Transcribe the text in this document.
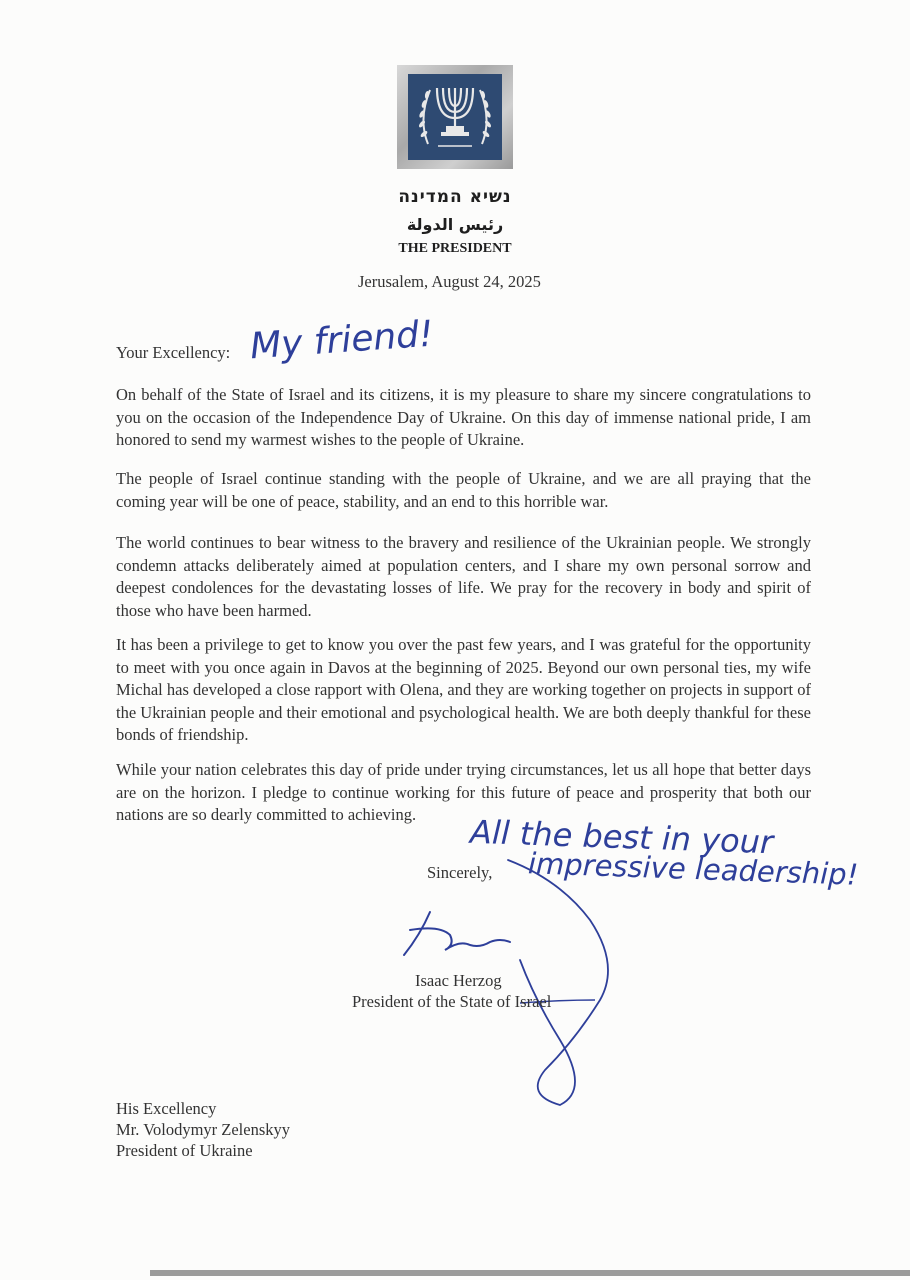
נשיא המדינה
رئيس الدولة
THE PRESIDENT
Jerusalem, August 24, 2025
Your Excellency: My friend!

On behalf of the State of Israel and its citizens, it is my pleasure to share my sincere congratulations to you on the occasion of the Independence Day of Ukraine. On this day of immense national pride, I am honored to send my warmest wishes to the people of Ukraine.

The people of Israel continue standing with the people of Ukraine, and we are all praying that the coming year will be one of peace, stability, and an end to this horrible war.

The world continues to bear witness to the bravery and resilience of the Ukrainian people. We strongly condemn attacks deliberately aimed at population centers, and I share my own personal sorrow and deepest condolences for the devastating losses of life. We pray for the recovery in body and spirit of those who have been harmed.

It has been a privilege to get to know you over the past few years, and I was grateful for the opportunity to meet with you once again in Davos at the beginning of 2025. Beyond our own personal ties, my wife Michal has developed a close rapport with Olena, and they are working together on projects in support of the Ukrainian people and their emotional and psychological health. We are both deeply thankful for these bonds of friendship.

While your nation celebrates this day of pride under trying circumstances, let us all hope that better days are on the horizon. I pledge to continue working for this future of peace and prosperity that both our nations are so dearly committed to achieving.	All the best in your
impressive leadership!
Sincerely,
Isaac Herzog
President of the State of Israel
His Excellency
Mr. Volodymyr Zelenskyy
President of Ukraine
